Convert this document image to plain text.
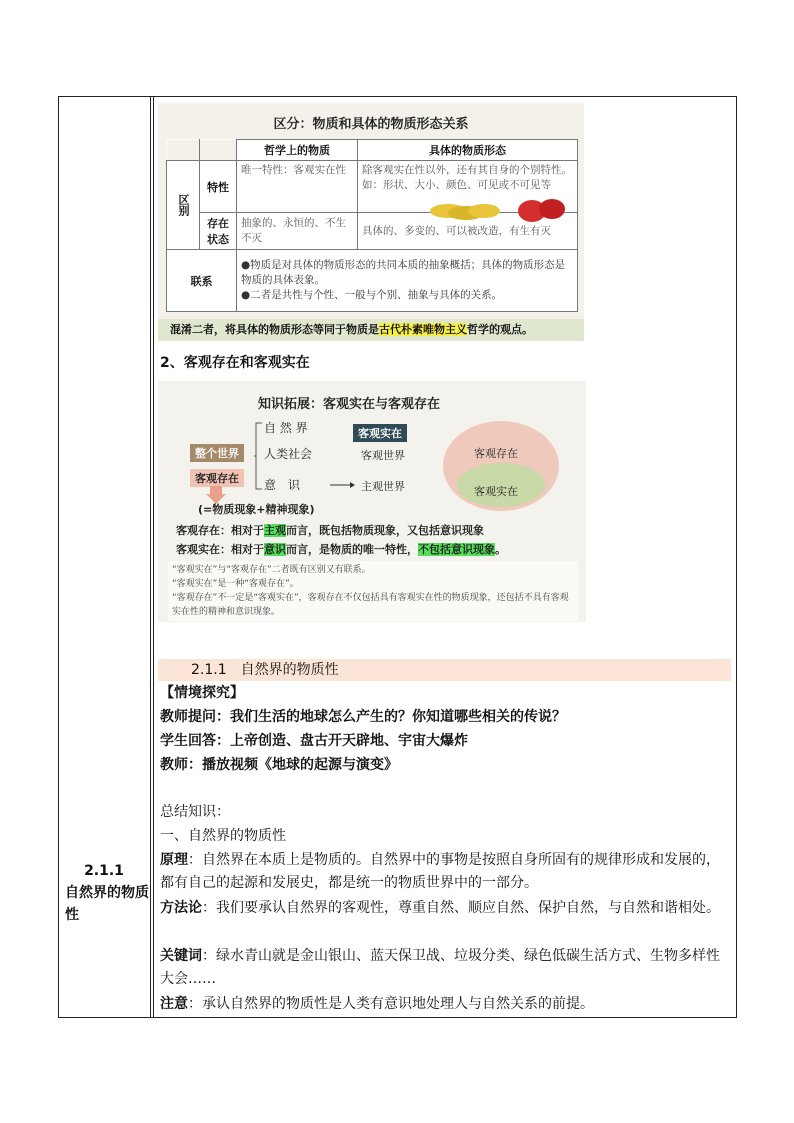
2.1.1
自然界的物质性
区分：物质和具体的物质形态关系
		哲学上的物质	具体的物质形态
区别	特性	唯一特性：客观实在性	除客观实在性以外，还有其自身的个别特性。如：形状、大小、颜色、可见或不可见等
	存在状态	抽象的、永恒的、不生不灭	具体的、多变的、可以被改造，有生有灭
联系		●物质是对具体的物质形态的共同本质的抽象概括；具体的物质形态是物质的具体表象。
●二者是共性与个性、一般与个别、抽象与具体的关系。	
混淆二者，将具体的物质形态等同于物质是古代朴素唯物主义哲学的观点。
2、客观存在和客观实在
知识拓展：客观实在与客观存在
整个世界
客观存在
自 然 界
人类社会
意　识
客观实在
客观世界
主观世界
客观存在
客观实在
(=物质现象+精神现象)
客观存在：相对于主观而言，既包括物质现象，又包括意识现象
客观实在：相对于意识而言，是物质的唯一特性，不包括意识现象。
“客观实在”与“客观存在”二者既有区别又有联系。
“客观实在”是一种“客观存在”。
“客观存在”不一定是“客观实在”，客观存在不仅包括具有客观实在性的物质现象，还包括不具有客观实在性的精神和意识现象。
2.1.1　自然界的物质性
【情境探究】
教师提问：我们生活的地球怎么产生的？你知道哪些相关的传说？
学生回答：上帝创造、盘古开天辟地、宇宙大爆炸
教师：播放视频《地球的起源与演变》
总结知识：
一、自然界的物质性
原理：自然界在本质上是物质的。自然界中的事物是按照自身所固有的规律形成和发展的，都有自己的起源和发展史，都是统一的物质世界中的一部分。
方法论：我们要承认自然界的客观性，尊重自然、顺应自然、保护自然，与自然和谐相处。
关键词：绿水青山就是金山银山、蓝天保卫战、垃圾分类、绿色低碳生活方式、生物多样性大会……
注意：承认自然界的物质性是人类有意识地处理人与自然关系的前提。
